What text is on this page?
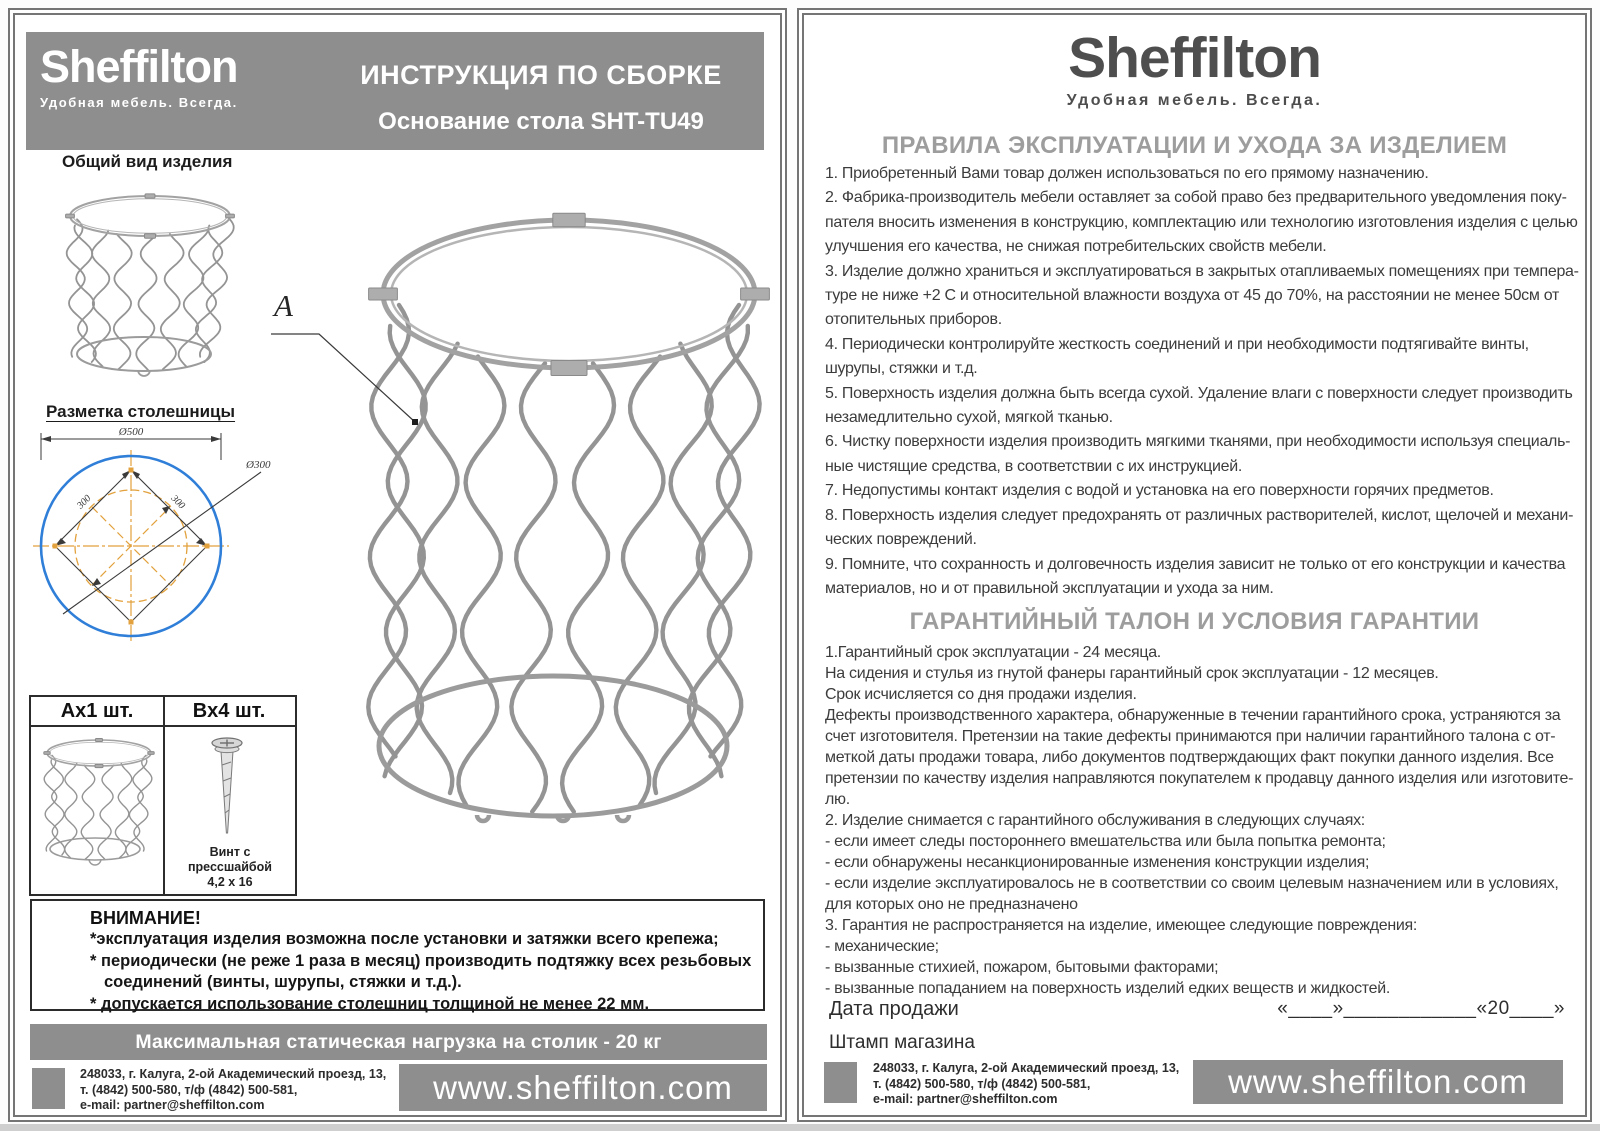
Sheffilton
Удобная мебель. Всегда.
ИНСТРУКЦИЯ ПО СБОРКЕ
Основание стола SHT-TU49
Общий вид изделия
Разметка столешницы
Ø500
300	300
Ø300
A
Ax1 шт.	Bx4 шт.
Винт с прессшайбой
4,2 х 16
ВНИМАНИЕ!
*эксплуатация изделия возможна после установки и затяжки всего крепежа;
* периодически (не реже 1 раза в месяц) производить подтяжку всех резьбовых
соединений (винты, шурупы, стяжки и т.д.).
* допускается использование столешниц толщиной не менее 22 мм.
Максимальная статическая нагрузка на столик - 20 кг
248033, г. Калуга, 2-ой Академический проезд, 13,
т. (4842) 500-580, т/ф (4842) 500-581,
e-mail: partner@sheffilton.com	www.sheffilton.com
Sheffilton
Удобная мебель. Всегда.
ПРАВИЛА ЭКСПЛУАТАЦИИ И УХОДА ЗА ИЗДЕЛИЕМ
1. Приобретенный Вами товар должен использоваться по его прямому назначению.
2. Фабрика-производитель мебели оставляет за собой право без предварительного уведомления поку-
пателя вносить изменения в конструкцию, комплектацию или технологию изготовления изделия с целью
улучшения его качества, не снижая потребительских свойств мебели.
3. Изделие должно храниться и эксплуатироваться в закрытых отапливаемых помещениях при темпера-
туре не ниже +2 С и относительной влажности воздуха от 45 до 70%, на расстоянии не менее 50см от
отопительных приборов.
4. Периодически контролируйте жесткость соединений и при необходимости подтягивайте винты,
шурупы, стяжки и т.д.
5. Поверхность изделия должна быть всегда сухой. Удаление влаги с поверхности следует производить
незамедлительно сухой, мягкой тканью.
6. Чистку поверхности изделия производить мягкими тканями, при необходимости используя специаль-
ные чистящие средства, в соответствии с их инструкцией.
7. Недопустимы контакт изделия с водой и установка на его поверхности горячих предметов.
8. Поверхность изделия следует предохранять от различных растворителей, кислот, щелочей и механи-
ческих повреждений.
9. Помните, что сохранность и долговечность изделия зависит не только от его конструкции и качества
материалов, но и от правильной эксплуатации и ухода за ним.
ГАРАНТИЙНЫЙ ТАЛОН И УСЛОВИЯ ГАРАНТИИ
1.Гарантийный срок эксплуатации - 24 месяца.
На сидения и стулья из гнутой фанеры гарантийный срок эксплуатации - 12 месяцев.
Срок исчисляется со дня продажи изделия.
Дефекты производственного характера, обнаруженные в течении гарантийного срока, устраняются за
счет изготовителя. Претензии на такие дефекты принимаются при наличии гарантийного талона с от-
меткой даты продажи товара, либо документов подтверждающих факт покупки данного изделия. Все
претензии по качеству изделия направляются покупателем к продавцу данного изделия или изготовите-
лю.
2. Изделие снимается с гарантийного обслуживания в следующих случаях:
- если имеет следы постороннего вмешательства или была попытка ремонта;
- если обнаружены несанкционированные изменения конструкции изделия;
- если изделие эксплуатировалось не в соответствии со своим целевым назначением или в условиях,
для которых оно не предназначено
3. Гарантия не распространяется на изделие, имеющее следующие повреждения:
- механические;
- вызванные стихией, пожаром, бытовыми факторами;
- вызванные попаданием на поверхность изделий едких веществ и жидкостей.
Дата продажи	«____»____________«20____»
Штамп магазина
248033, г. Калуга, 2-ой Академический проезд, 13,
т. (4842) 500-580, т/ф (4842) 500-581,
e-mail: partner@sheffilton.com	www.sheffilton.com
